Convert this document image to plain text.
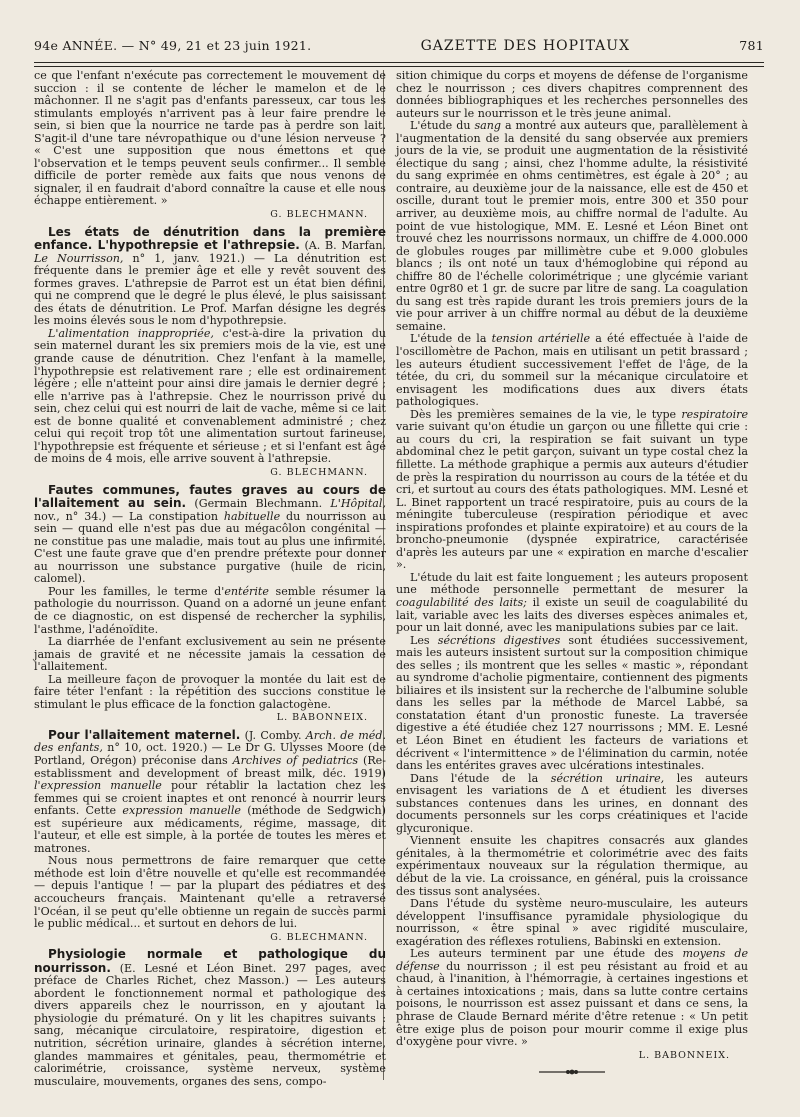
94e ANNÉE. — N° 49, 21 et 23 juin 1921.	GAZETTE DES HOPITAUX	781

ce que l'enfant n'exécute pas correctement le mouvement de succion : il se contente de lécher le mamelon et de le mâchonner. Il ne s'agit pas d'enfants paresseux, car tous les stimulants employés n'arrivent pas à leur faire prendre le sein, si bien que la nourrice ne tarde pas à perdre son lait. S'agit-il d'une tare névropathique ou d'une lésion nerveuse ? « C'est une supposition que nous émettons et que l'observation et le temps peuvent seuls confirmer... Il semble difficile de porter remède aux faits que nous venons de signaler, il en faudrait d'abord connaître la cause et elle nous échappe entièrement. »

G. BLECHMANN.

Les états de dénutrition dans la première enfance. L'hypothrepsie et l'athrepsie. (A. B. Marfan. Le Nourrisson, n° 1, janv. 1921.) — La dénutrition est fréquente dans le premier âge et elle y revêt souvent des formes graves. L'athrepsie de Parrot est un état bien défini, qui ne comprend que le degré le plus élevé, le plus saisissant des états de dénutrition. Le Prof. Marfan désigne les degrés les moins élevés sous le nom d'hypothrepsie.

L'alimentation inappropriée, c'est-à-dire la privation du sein maternel durant les six premiers mois de la vie, est une grande cause de dénutrition. Chez l'enfant à la mamelle, l'hypothrepsie est relativement rare ; elle est ordinairement légère ; elle n'atteint pour ainsi dire jamais le dernier degré ; elle n'arrive pas à l'athrepsie. Chez le nourrisson privé du sein, chez celui qui est nourri de lait de vache, même si ce lait est de bonne qualité et convenablement administré ; chez celui qui reçoit trop tôt une alimentation surtout farineuse, l'hypothrepsie est fréquente et sérieuse ; et si l'enfant est âgé de moins de 4 mois, elle arrive souvent à l'athrepsie.

G. BLECHMANN.

Fautes communes, fautes graves au cours de l'allaitement au sein. (Germain Blechmann. L'Hôpital, nov., n° 34.) — La constipation habituelle du nourrisson au sein — quand elle n'est pas due au mégacôlon congénital — ne constitue pas une maladie, mais tout au plus une infirmité. C'est une faute grave que d'en prendre prétexte pour donner au nourrisson une substance purgative (huile de ricin, calomel).

Pour les familles, le terme d'entérite semble résumer la pathologie du nourrisson. Quand on a adorné un jeune enfant de ce diagnostic, on est dispensé de rechercher la syphilis, l'asthme, l'adénoïdite.

La diarrhée de l'enfant exclusivement au sein ne présente jamais de gravité et ne nécessite jamais la cessation de l'allaitement.

La meilleure façon de provoquer la montée du lait est de faire téter l'enfant : la répétition des succions constitue le stimulant le plus efficace de la fonction galactogène.

L. BABONNEIX.

Pour l'allaitement maternel. (J. Comby. Arch. de méd. des enfants, n° 10, oct. 1920.) — Le Dr G. Ulysses Moore (de Portland, Orégon) préconise dans Archives of pediatrics (Re-establissment and development of breast milk, déc. 1919) l'expression manuelle pour rétablir la lactation chez les femmes qui se croient inaptes et ont renoncé à nourrir leurs enfants. Cette expression manuelle (méthode de Sedgwich) est supérieure aux médicaments, régime, massage, dit l'auteur, et elle est simple, à la portée de toutes les mères et matrones.

Nous nous permettrons de faire remarquer que cette méthode est loin d'être nouvelle et qu'elle est recommandée — depuis l'antique ! — par la plupart des pédiatres et des accoucheurs français. Maintenant qu'elle a retraversé l'Océan, il se peut qu'elle obtienne un regain de succès parmi le public médical... et surtout en dehors de lui.

G. BLECHMANN.

Physiologie normale et pathologique du nourrisson. (E. Lesné et Léon Binet. 297 pages, avec préface de Charles Richet, chez Masson.) — Les auteurs abordent le fonctionnement normal et pathologique des divers appareils chez le nourrisson, en y ajoutant la physiologie du prématuré. On y lit les chapitres suivants : sang, mécanique circulatoire, respiratoire, digestion et nutrition, sécrétion urinaire, glandes à sécrétion interne, glandes mammaires et génitales, peau, thermométrie et calorimétrie, croissance, système nerveux, système musculaire, mouvements, organes des sens, compo-

sition chimique du corps et moyens de défense de l'organisme chez le nourrisson ; ces divers chapitres comprennent des données bibliographiques et les recherches personnelles des auteurs sur le nourrisson et le très jeune animal.

L'étude du sang a montré aux auteurs que, parallèlement à l'augmentation de la densité du sang observée aux premiers jours de la vie, se produit une augmentation de la résistivité électique du sang ; ainsi, chez l'homme adulte, la résistivité du sang exprimée en ohms centimètres, est égale à 20° ; au contraire, au deuxième jour de la naissance, elle est de 450 et oscille, durant tout le premier mois, entre 300 et 350 pour arriver, au deuxième mois, au chiffre normal de l'adulte. Au point de vue histologique, MM. E. Lesné et Léon Binet ont trouvé chez les nourrissons normaux, un chiffre de 4.000.000 de globules rouges par millimètre cube et 9.000 globules blancs ; ils ont noté un taux d'hémoglobine qui répond au chiffre 80 de l'échelle colorimétrique ; une glycémie variant entre 0gr80 et 1 gr. de sucre par litre de sang. La coagulation du sang est très rapide durant les trois premiers jours de la vie pour arriver à un chiffre normal au début de la deuxième semaine.

L'étude de la tension artérielle a été effectuée à l'aide de l'oscillomètre de Pachon, mais en utilisant un petit brassard ; les auteurs étudient successivement l'effet de l'âge, de la tétée, du cri, du sommeil sur la mécanique circulatoire et envisagent les modifications dues aux divers états pathologiques.

Dès les premières semaines de la vie, le type respiratoire varie suivant qu'on étudie un garçon ou une fillette qui crie : au cours du cri, la respiration se fait suivant un type abdominal chez le petit garçon, suivant un type costal chez la fillette. La méthode graphique a permis aux auteurs d'étudier de près la respiration du nourrisson au cours de la tétée et du cri, et surtout au cours des états pathologiques. MM. Lesné et L. Binet rapportent un tracé respiratoire, puis au cours de la méningite tuberculeuse (respiration périodique et avec inspirations profondes et plainte expiratoire) et au cours de la broncho-pneumonie (dyspnée expiratrice, caractérisée d'après les auteurs par une « expiration en marche d'escalier ».

L'étude du lait est faite longuement ; les auteurs proposent une méthode personnelle permettant de mesurer la coagulabilité des laits; il existe un seuil de coagulabilité du lait, variable avec les laits des diverses espèces animales et, pour un lait donné, avec les manipulations subies par ce lait.

Les sécrétions digestives sont étudiées successivement, mais les auteurs insistent surtout sur la composition chimique des selles ; ils montrent que les selles « mastic », répondant au syndrome d'acholie pigmentaire, contiennent des pigments biliaires et ils insistent sur la recherche de l'albumine soluble dans les selles par la méthode de Marcel Labbé, sa constatation étant d'un pronostic funeste. La traversée digestive a été étudiée chez 127 nourrissons ; MM. E. Lesné et Léon Binet en étudient les facteurs de variations et décrivent « l'intermittence » de l'élimination du carmin, notée dans les entérites graves avec ulcérations intestinales.

Dans l'étude de la sécrétion urinaire, les auteurs envisagent les variations de Δ et étudient les diverses substances contenues dans les urines, en donnant des documents personnels sur les corps créatiniques et l'acide glycuronique.

Viennent ensuite les chapitres consacrés aux glandes génitales, à la thermométrie et colorimétrie avec des faits expérimentaux nouveaux sur la régulation thermique, au début de la vie. La croissance, en général, puis la croissance des tissus sont analysées.

Dans l'étude du système neuro-musculaire, les auteurs développent l'insuffisance pyramidale physiologique du nourrisson, « être spinal » avec rigidité musculaire, exagération des réflexes rotuliens, Babinski en extension.

Les auteurs terminent par une étude des moyens de défense du nourrisson ; il est peu résistant au froid et au chaud, à l'inanition, à l'hémorragie, à certaines ingestions et à certaines intoxications ; mais, dans sa lutte contre certains poisons, le nourrisson est assez puissant et dans ce sens, la phrase de Claude Bernard mérite d'être retenue : « Un petit être exige plus de poison pour mourir comme il exige plus d'oxygène pour vivre. »

L. BABONNEIX.
